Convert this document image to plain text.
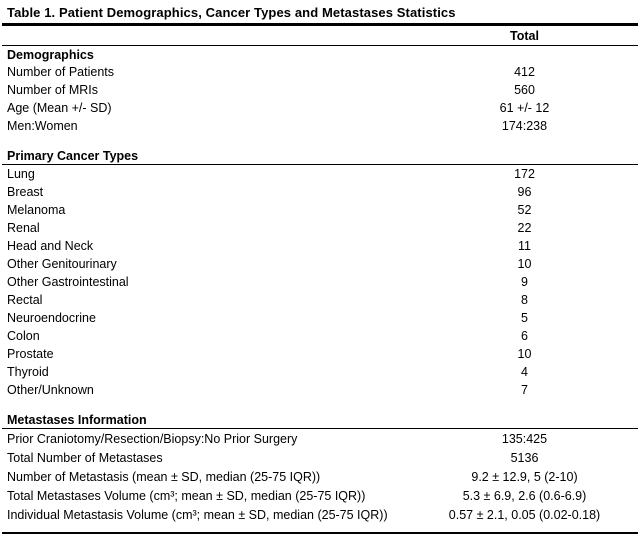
Table 1. Patient Demographics, Cancer Types and Metastases Statistics
Total
Demographics
Number of Patients	412
Number of MRIs	560
Age (Mean +/- SD)	61 +/- 12
Men:Women	174:238
Primary Cancer Types
Lung	172
Breast	96
Melanoma	52
Renal	22
Head and Neck	11
Other Genitourinary	10
Other Gastrointestinal	9
Rectal	8
Neuroendocrine	5
Colon	6
Prostate	10
Thyroid	4
Other/Unknown	7
Metastases Information
Prior Craniotomy/Resection/Biopsy:No Prior Surgery	135:425
Total Number of Metastases	5136
Number of Metastasis (mean ± SD, median (25-75 IQR))	9.2 ± 12.9, 5 (2-10)
Total Metastases Volume (cm³; mean ± SD, median (25-75 IQR))	5.3 ± 6.9, 2.6 (0.6-6.9)
Individual Metastasis Volume (cm³; mean ± SD, median (25-75 IQR))	0.57 ± 2.1, 0.05 (0.02-0.18)
